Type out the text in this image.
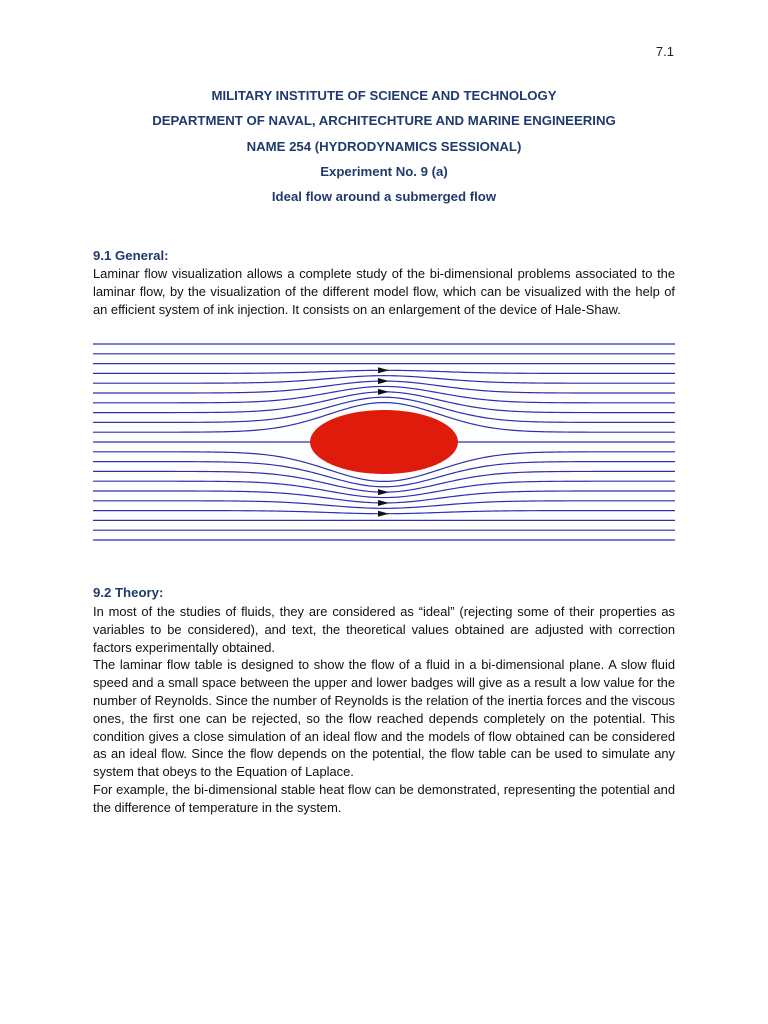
7.1
MILITARY INSTITUTE OF SCIENCE AND TECHNOLOGY
DEPARTMENT OF NAVAL, ARCHITECHTURE AND MARINE ENGINEERING
NAME 254 (HYDRODYNAMICS SESSIONAL)
Experiment No. 9 (a)
Ideal flow around a submerged flow
9.1 General:

Laminar flow visualization allows a complete study of the bi-dimensional problems associated to the laminar flow, by the visualization of the different model flow, which can be visualized with the help of an efficient system of ink injection. It consists on an enlargement of the device of Hale-Shaw.

9.2 Theory:

In most of the studies of fluids, they are considered as “ideal” (rejecting some of their properties as variables to be considered), and text, the theoretical values obtained are adjusted with correction factors experimentally obtained.

The laminar flow table is designed to show the flow of a fluid in a bi-dimensional plane. A slow fluid speed and a small space between the upper and lower badges will give as a result a low value for the number of Reynolds. Since the number of Reynolds is the relation of the inertia forces and the viscous ones, the first one can be rejected, so the flow reached depends completely on the potential. This condition gives a close simulation of an ideal flow and the models of flow obtained can be considered as an ideal flow. Since the flow depends on the potential, the flow table can be used to simulate any system that obeys to the Equation of Laplace.

For example, the bi-dimensional stable heat flow can be demonstrated, representing the potential and the difference of temperature in the system.
